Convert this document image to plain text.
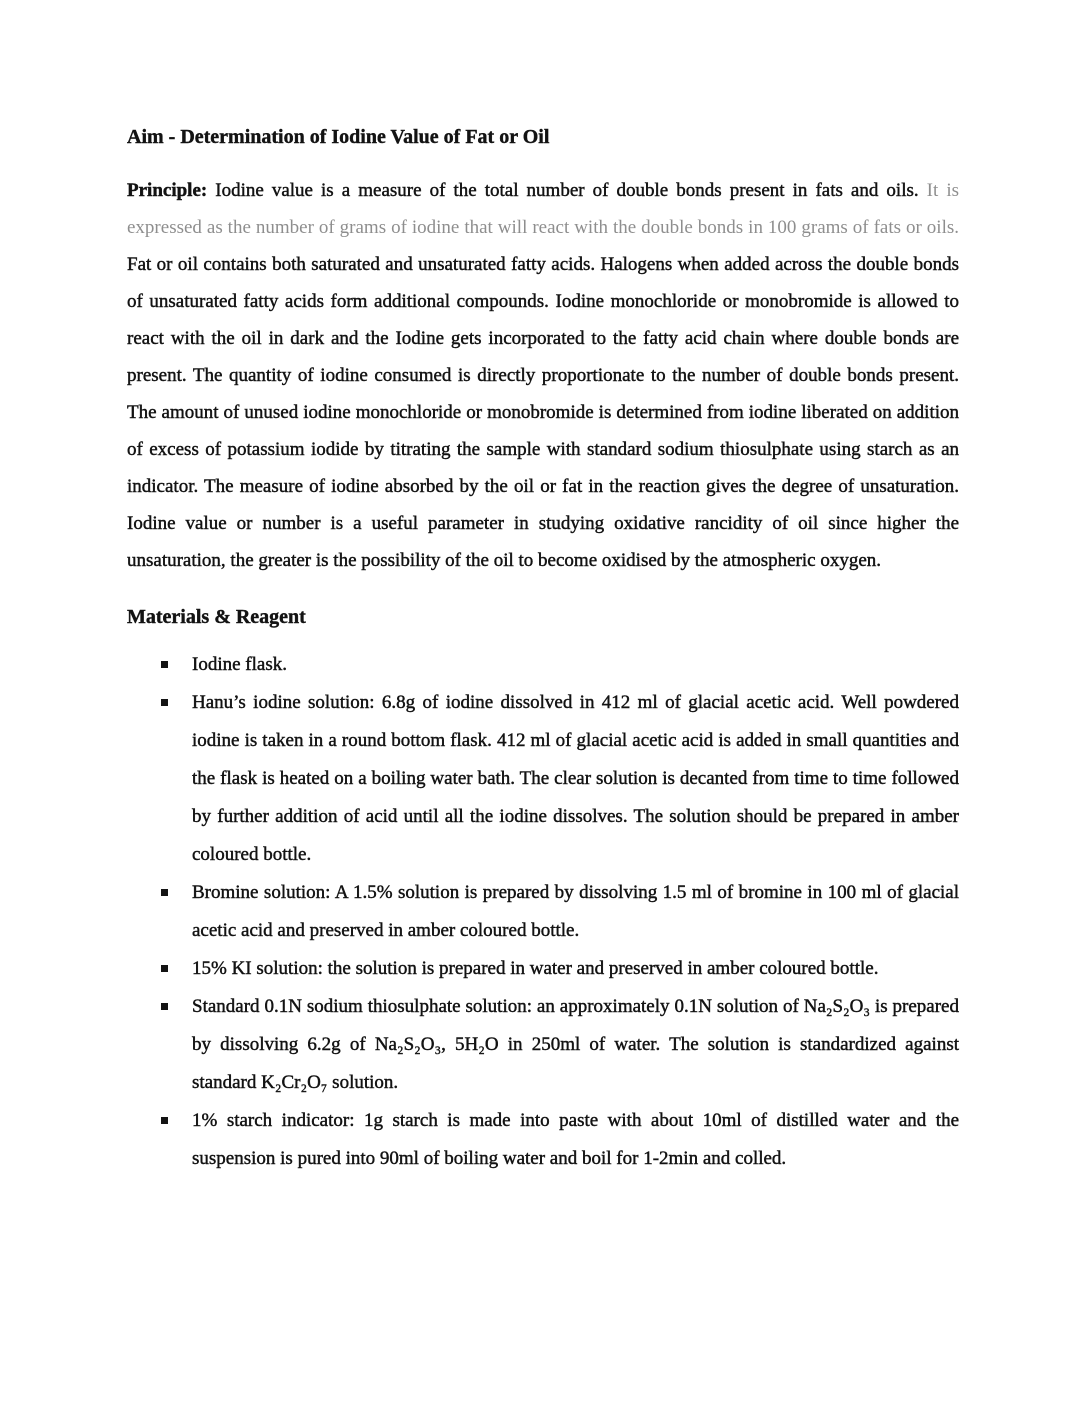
Aim - Determination of Iodine Value of Fat or Oil

Principle: Iodine value is a measure of the total number of double bonds present in fats and oils. It is expressed as the number of grams of iodine that will react with the double bonds in 100 grams of fats or oils. Fat or oil contains both saturated and unsaturated fatty acids. Halogens when added across the double bonds of unsaturated fatty acids form additional compounds. Iodine monochloride or monobromide is allowed to react with the oil in dark and the Iodine gets incorporated to the fatty acid chain where double bonds are present. The quantity of iodine consumed is directly proportionate to the number of double bonds present. The amount of unused iodine monochloride or monobromide is determined from iodine liberated on addition of excess of potassium iodide by titrating the sample with standard sodium thiosulphate using starch as an indicator. The measure of iodine absorbed by the oil or fat in the reaction gives the degree of unsaturation. Iodine value or number is a useful parameter in studying oxidative rancidity of oil since higher the unsaturation, the greater is the possibility of the oil to become oxidised by the atmospheric oxygen.

Materials & Reagent
Iodine flask.
Hanu’s iodine solution: 6.8g of iodine dissolved in 412 ml of glacial acetic acid. Well powdered iodine is taken in a round bottom flask. 412 ml of glacial acetic acid is added in small quantities and the flask is heated on a boiling water bath. The clear solution is decanted from time to time followed by further addition of acid until all the iodine dissolves. The solution should be prepared in amber coloured bottle.
Bromine solution: A 1.5% solution is prepared by dissolving 1.5 ml of bromine in 100 ml of glacial acetic acid and preserved in amber coloured bottle.
15% KI solution: the solution is prepared in water and preserved in amber coloured bottle.
Standard 0.1N sodium thiosulphate solution: an approximately 0.1N solution of Na₂S₂O₃ is prepared by dissolving 6.2g of Na₂S₂O₃, 5H₂O in 250ml of water. The solution is standardized against standard K₂Cr₂O₇ solution.
1% starch indicator: 1g starch is made into paste with about 10ml of distilled water and the suspension is pured into 90ml of boiling water and boil for 1-2min and colled.
